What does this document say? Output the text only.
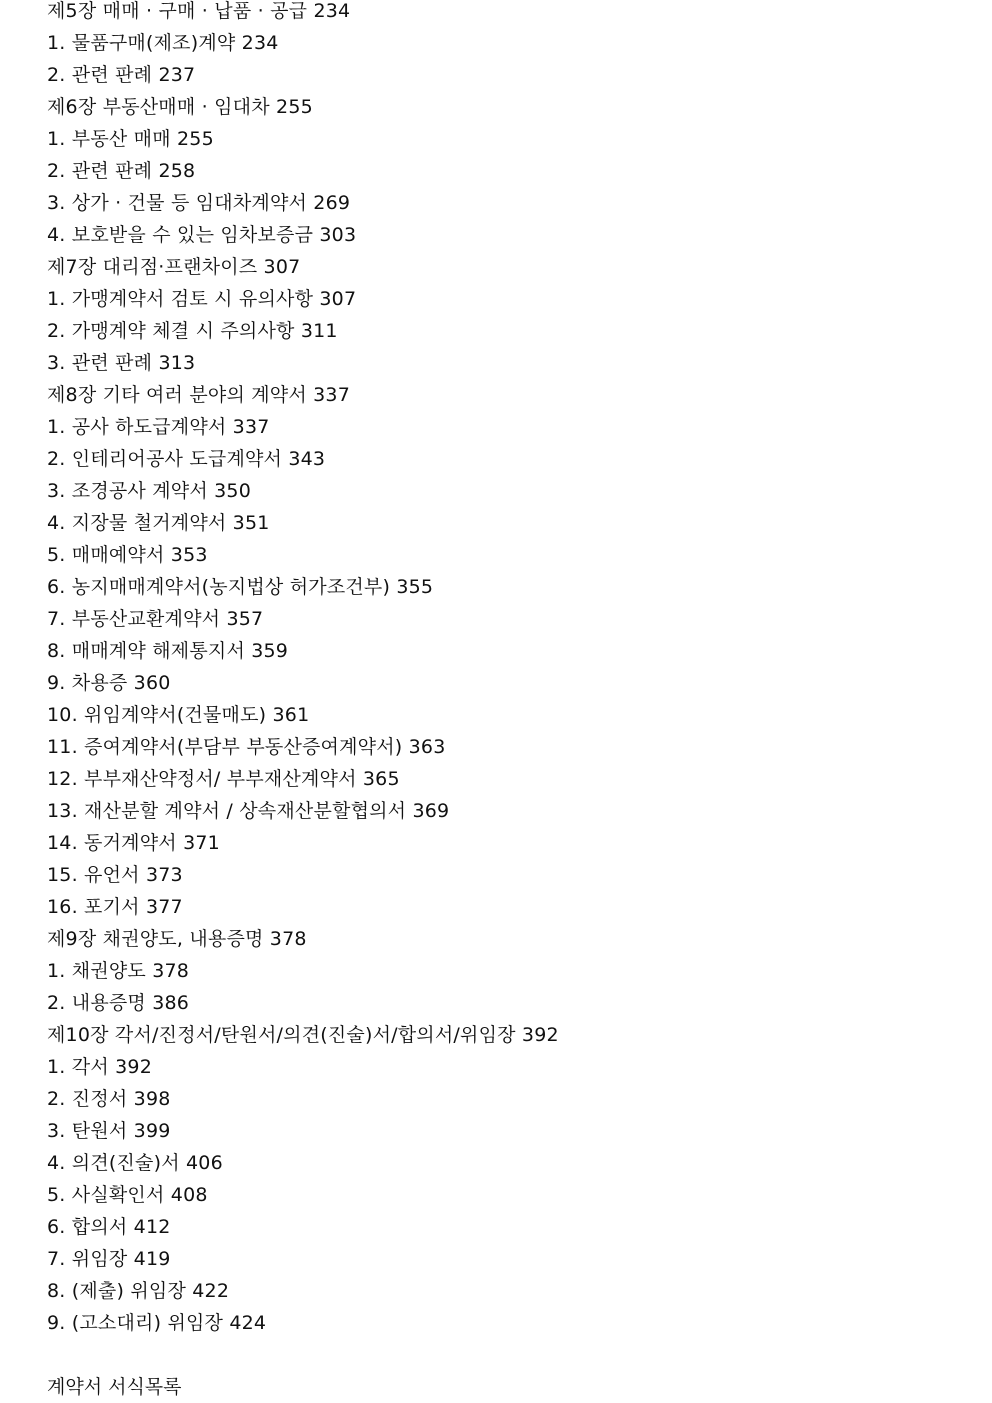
제5장 매매 · 구매 · 납품 · 공급 234
1. 물품구매(제조)계약 234
2. 관련 판례 237
제6장 부동산매매 · 임대차 255
1. 부동산 매매 255
2. 관련 판례 258
3. 상가 · 건물 등 임대차계약서 269
4. 보호받을 수 있는 임차보증금 303
제7장 대리점·프랜차이즈 307
1. 가맹계약서 검토 시 유의사항 307
2. 가맹계약 체결 시 주의사항 311
3. 관련 판례 313
제8장 기타 여러 분야의 계약서 337
1. 공사 하도급계약서 337
2. 인테리어공사 도급계약서 343
3. 조경공사 계약서 350
4. 지장물 철거계약서 351
5. 매매예약서 353
6. 농지매매계약서(농지법상 허가조건부) 355
7. 부동산교환계약서 357
8. 매매계약 해제통지서 359
9. 차용증 360
10. 위임계약서(건물매도) 361
11. 증여계약서(부담부 부동산증여계약서) 363
12. 부부재산약정서/ 부부재산계약서 365
13. 재산분할 계약서 / 상속재산분할협의서 369
14. 동거계약서 371
15. 유언서 373
16. 포기서 377
제9장 채권양도, 내용증명 378
1. 채권양도 378
2. 내용증명 386
제10장 각서/진정서/탄원서/의견(진술)서/합의서/위임장 392
1. 각서 392
2. 진정서 398
3. 탄원서 399
4. 의견(진술)서 406
5. 사실확인서 408
6. 합의서 412
7. 위임장 419
8. (제출) 위임장 422
9. (고소대리) 위임장 424
계약서 서식목록
